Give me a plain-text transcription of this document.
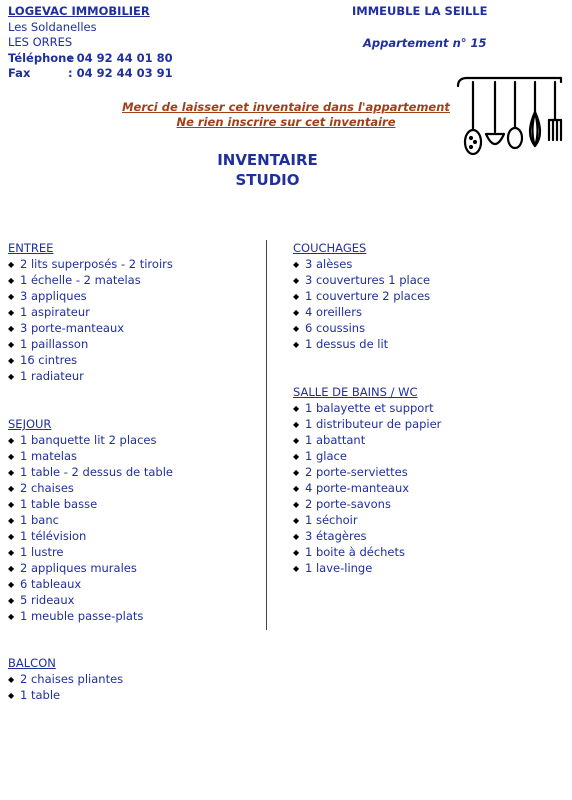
LOGEVAC IMMOBILIER
Les Soldanelles
LES ORRES
Téléphone: 04 92 44 01 80
Fax	: 04 92 44 03 91
IMMEUBLE LA SEILLE
Appartement n° 15
Merci de laisser cet inventaire dans l'appartement
Ne rien inscrire sur cet inventaire
INVENTAIRE
STUDIO
ENTREE
◆ 2 lits superposés - 2 tiroirs
◆ 1 échelle - 2 matelas
◆ 3 appliques
◆ 1 aspirateur
◆ 3 porte-manteaux
◆ 1 paillasson
◆ 16 cintres
◆ 1 radiateur
SEJOUR
◆ 1 banquette lit 2 places
◆ 1 matelas
◆ 1 table - 2 dessus de table
◆ 2 chaises
◆ 1 table basse
◆ 1 banc
◆ 1 télévision
◆ 1 lustre
◆ 2 appliques murales
◆ 6 tableaux
◆ 5 rideaux
◆ 1 meuble passe-plats
BALCON
◆ 2 chaises pliantes
◆ 1 table
COUCHAGES
◆ 3 alèses
◆ 3 couvertures 1 place
◆ 1 couverture 2 places
◆ 4 oreillers
◆ 6 coussins
◆ 1 dessus de lit
SALLE DE BAINS / WC
◆ 1 balayette et support
◆ 1 distributeur de papier
◆ 1 abattant
◆ 1 glace
◆ 2 porte-serviettes
◆ 4 porte-manteaux
◆ 2 porte-savons
◆ 1 séchoir
◆ 3 étagères
◆ 1 boite à déchets
◆ 1 lave-linge
